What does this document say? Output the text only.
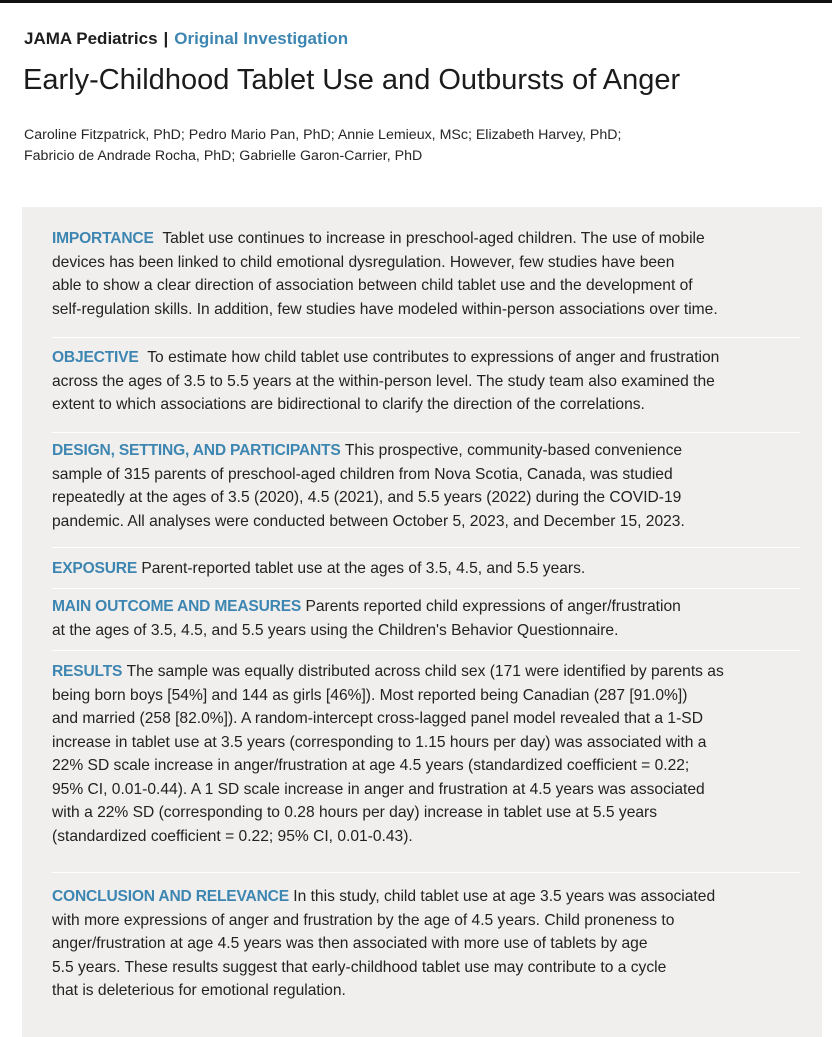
JAMA Pediatrics | Original Investigation
Early-Childhood Tablet Use and Outbursts of Anger
Caroline Fitzpatrick, PhD; Pedro Mario Pan, PhD; Annie Lemieux, MSc; Elizabeth Harvey, PhD;
Fabricio de Andrade Rocha, PhD; Gabrielle Garon-Carrier, PhD
IMPORTANCE Tablet use continues to increase in preschool-aged children. The use of mobile
devices has been linked to child emotional dysregulation. However, few studies have been
able to show a clear direction of association between child tablet use and the development of
self-regulation skills. In addition, few studies have modeled within-person associations over time.
OBJECTIVE To estimate how child tablet use contributes to expressions of anger and frustration
across the ages of 3.5 to 5.5 years at the within-person level. The study team also examined the
extent to which associations are bidirectional to clarify the direction of the correlations.
DESIGN, SETTING, AND PARTICIPANTS This prospective, community-based convenience
sample of 315 parents of preschool-aged children from Nova Scotia, Canada, was studied
repeatedly at the ages of 3.5 (2020), 4.5 (2021), and 5.5 years (2022) during the COVID-19
pandemic. All analyses were conducted between October 5, 2023, and December 15, 2023.
EXPOSURE Parent-reported tablet use at the ages of 3.5, 4.5, and 5.5 years.
MAIN OUTCOME AND MEASURES Parents reported child expressions of anger/frustration
at the ages of 3.5, 4.5, and 5.5 years using the Children's Behavior Questionnaire.
RESULTS The sample was equally distributed across child sex (171 were identified by parents as
being born boys [54%] and 144 as girls [46%]). Most reported being Canadian (287 [91.0%])
and married (258 [82.0%]). A random-intercept cross-lagged panel model revealed that a 1-SD
increase in tablet use at 3.5 years (corresponding to 1.15 hours per day) was associated with a
22% SD scale increase in anger/frustration at age 4.5 years (standardized coefficient = 0.22;
95% CI, 0.01-0.44). A 1 SD scale increase in anger and frustration at 4.5 years was associated
with a 22% SD (corresponding to 0.28 hours per day) increase in tablet use at 5.5 years
(standardized coefficient = 0.22; 95% CI, 0.01-0.43).
CONCLUSION AND RELEVANCE In this study, child tablet use at age 3.5 years was associated
with more expressions of anger and frustration by the age of 4.5 years. Child proneness to
anger/frustration at age 4.5 years was then associated with more use of tablets by age
5.5 years. These results suggest that early-childhood tablet use may contribute to a cycle
that is deleterious for emotional regulation.
